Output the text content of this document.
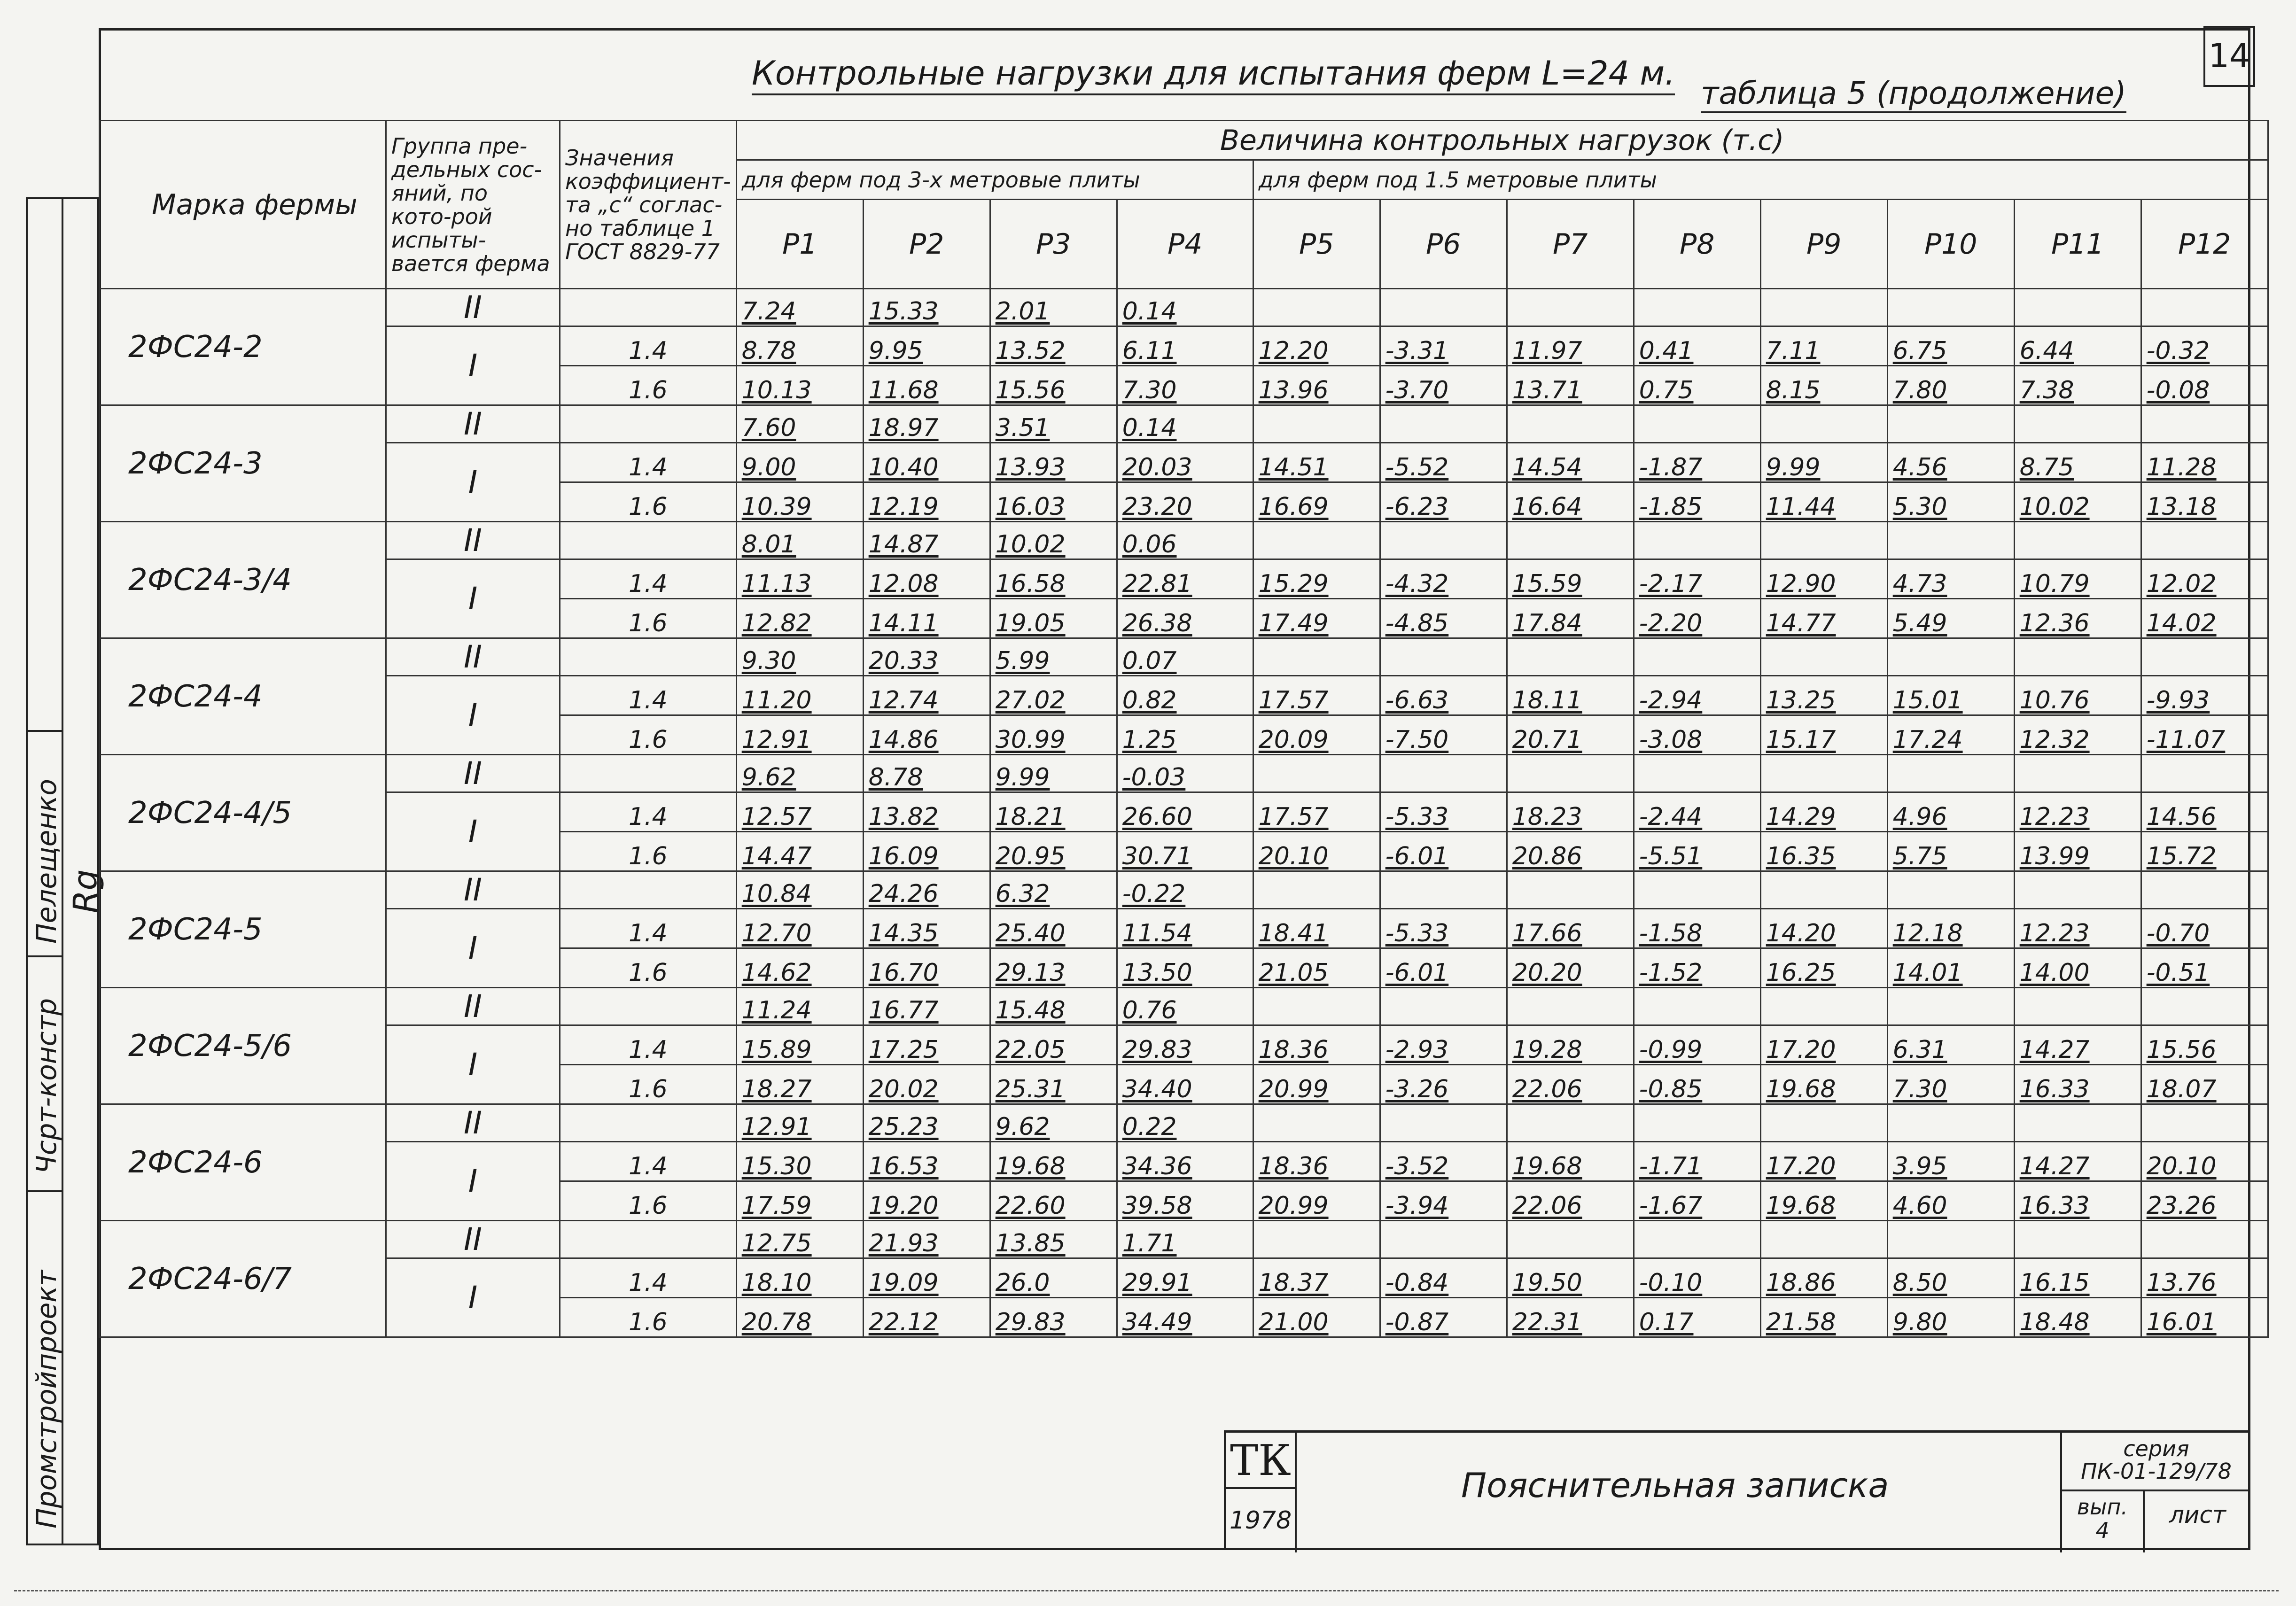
Пелещенко
Чсрт-констр
Промстройпроект
Rg
14
Контрольные нагрузки для испытания ферм L=24 м.
таблица 5 (продолжение)
Марка фермы	Группа пре-дельных сос-яний, по кото-рой испыты-вается ферма	Значения коэффициент-та „с“ соглас-но таблице 1 ГОСТ 8829-77	Величина контрольных нагрузок (т.с)											
			для ферм под 3-х метровые плиты				для ферм под 1.5 метровые плиты							
			P1	P2	P3	P4	P5	P6	P7	P8	P9	P10	P11	P12
2ФС24-2	II		7.24	15.33	2.01	0.14								
	I	1.4	8.78	9.95	13.52	6.11	12.20	-3.31	11.97	0.41	7.11	6.75	6.44	-0.32
		1.6	10.13	11.68	15.56	7.30	13.96	-3.70	13.71	0.75	8.15	7.80	7.38	-0.08
2ФС24-3	II		7.60	18.97	3.51	0.14								
	I	1.4	9.00	10.40	13.93	20.03	14.51	-5.52	14.54	-1.87	9.99	4.56	8.75	11.28
		1.6	10.39	12.19	16.03	23.20	16.69	-6.23	16.64	-1.85	11.44	5.30	10.02	13.18
2ФС24-3/4	II		8.01	14.87	10.02	0.06								
	I	1.4	11.13	12.08	16.58	22.81	15.29	-4.32	15.59	-2.17	12.90	4.73	10.79	12.02
		1.6	12.82	14.11	19.05	26.38	17.49	-4.85	17.84	-2.20	14.77	5.49	12.36	14.02
2ФС24-4	II		9.30	20.33	5.99	0.07								
	I	1.4	11.20	12.74	27.02	0.82	17.57	-6.63	18.11	-2.94	13.25	15.01	10.76	-9.93
		1.6	12.91	14.86	30.99	1.25	20.09	-7.50	20.71	-3.08	15.17	17.24	12.32	-11.07
2ФС24-4/5	II		9.62	8.78	9.99	-0.03								
	I	1.4	12.57	13.82	18.21	26.60	17.57	-5.33	18.23	-2.44	14.29	4.96	12.23	14.56
		1.6	14.47	16.09	20.95	30.71	20.10	-6.01	20.86	-5.51	16.35	5.75	13.99	15.72
2ФС24-5	II		10.84	24.26	6.32	-0.22								
	I	1.4	12.70	14.35	25.40	11.54	18.41	-5.33	17.66	-1.58	14.20	12.18	12.23	-0.70
		1.6	14.62	16.70	29.13	13.50	21.05	-6.01	20.20	-1.52	16.25	14.01	14.00	-0.51
2ФС24-5/6	II		11.24	16.77	15.48	0.76								
	I	1.4	15.89	17.25	22.05	29.83	18.36	-2.93	19.28	-0.99	17.20	6.31	14.27	15.56
		1.6	18.27	20.02	25.31	34.40	20.99	-3.26	22.06	-0.85	19.68	7.30	16.33	18.07
2ФС24-6	II		12.91	25.23	9.62	0.22								
	I	1.4	15.30	16.53	19.68	34.36	18.36	-3.52	19.68	-1.71	17.20	3.95	14.27	20.10
		1.6	17.59	19.20	22.60	39.58	20.99	-3.94	22.06	-1.67	19.68	4.60	16.33	23.26
2ФС24-6/7	II		12.75	21.93	13.85	1.71								
	I	1.4	18.10	19.09	26.0	29.91	18.37	-0.84	19.50	-0.10	18.86	8.50	16.15	13.76
		1.6	20.78	22.12	29.83	34.49	21.00	-0.87	22.31	0.17	21.58	9.80	18.48	16.01
ТК
1978
Пояснительная записка
серия
ПК-01-129/78
вып.
4
лист
